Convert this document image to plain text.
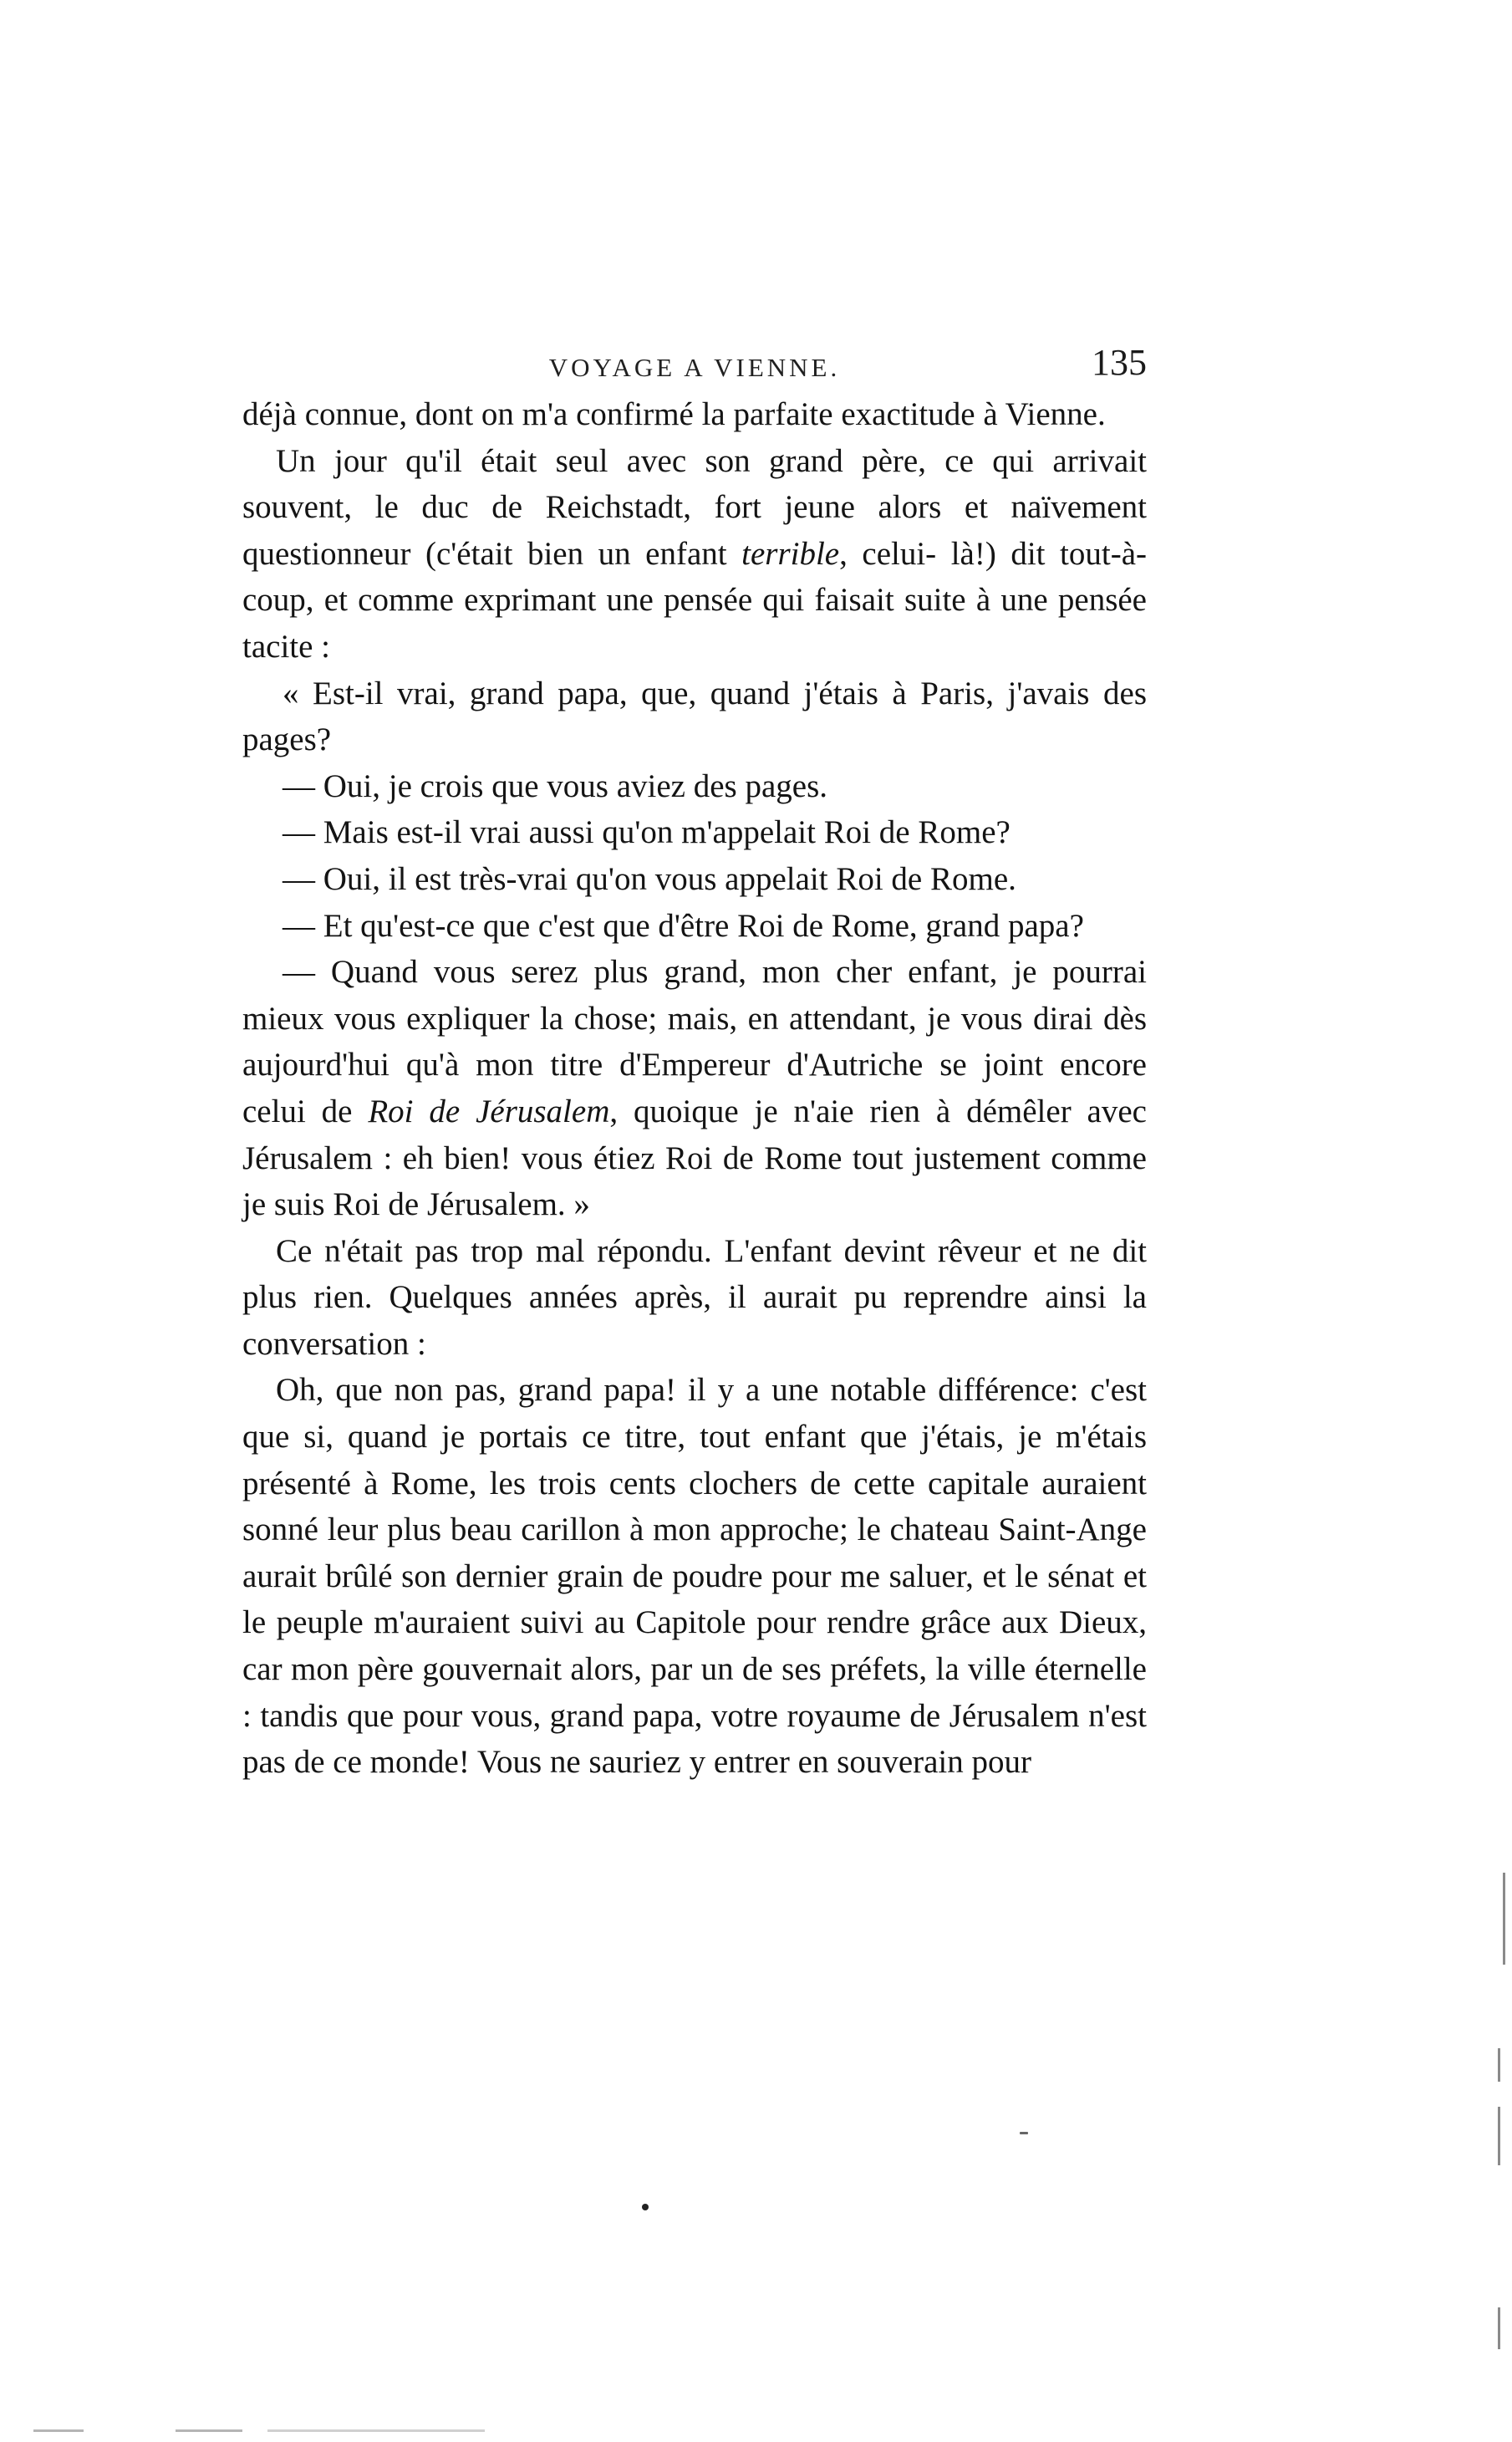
VOYAGE A VIENNE.	135

déjà connue, dont on m'a confirmé la parfaite exactitude à Vienne.

Un jour qu'il était seul avec son grand père, ce qui arrivait souvent, le duc de Reichstadt, fort jeune alors et naïvement questionneur (c'était bien un enfant terrible, celui- là!) dit tout-à-coup, et comme exprimant une pensée qui faisait suite à une pensée tacite :

« Est-il vrai, grand papa, que, quand j'étais à Paris, j'avais des pages?

— Oui, je crois que vous aviez des pages.

— Mais est-il vrai aussi qu'on m'appelait Roi de Rome?

— Oui, il est très-vrai qu'on vous appelait Roi de Rome.

— Et qu'est-ce que c'est que d'être Roi de Rome, grand papa?

— Quand vous serez plus grand, mon cher enfant, je pourrai mieux vous expliquer la chose; mais, en attendant, je vous dirai dès aujourd'hui qu'à mon titre d'Empereur d'Autriche se joint encore celui de Roi de Jérusalem, quoique je n'aie rien à démêler avec Jérusalem : eh bien! vous étiez Roi de Rome tout justement comme je suis Roi de Jérusalem. »

Ce n'était pas trop mal répondu. L'enfant devint rêveur et ne dit plus rien. Quelques années après, il aurait pu reprendre ainsi la conversation :

Oh, que non pas, grand papa! il y a une notable différence: c'est que si, quand je portais ce titre, tout enfant que j'étais, je m'étais présenté à Rome, les trois cents clochers de cette capitale auraient sonné leur plus beau carillon à mon approche; le chateau Saint-Ange aurait brûlé son dernier grain de poudre pour me saluer, et le sénat et le peuple m'auraient suivi au Capitole pour rendre grâce aux Dieux, car mon père gouvernait alors, par un de ses préfets, la ville éternelle : tandis que pour vous, grand papa, votre royaume de Jérusalem n'est pas de ce monde! Vous ne sauriez y entrer en souverain pour
